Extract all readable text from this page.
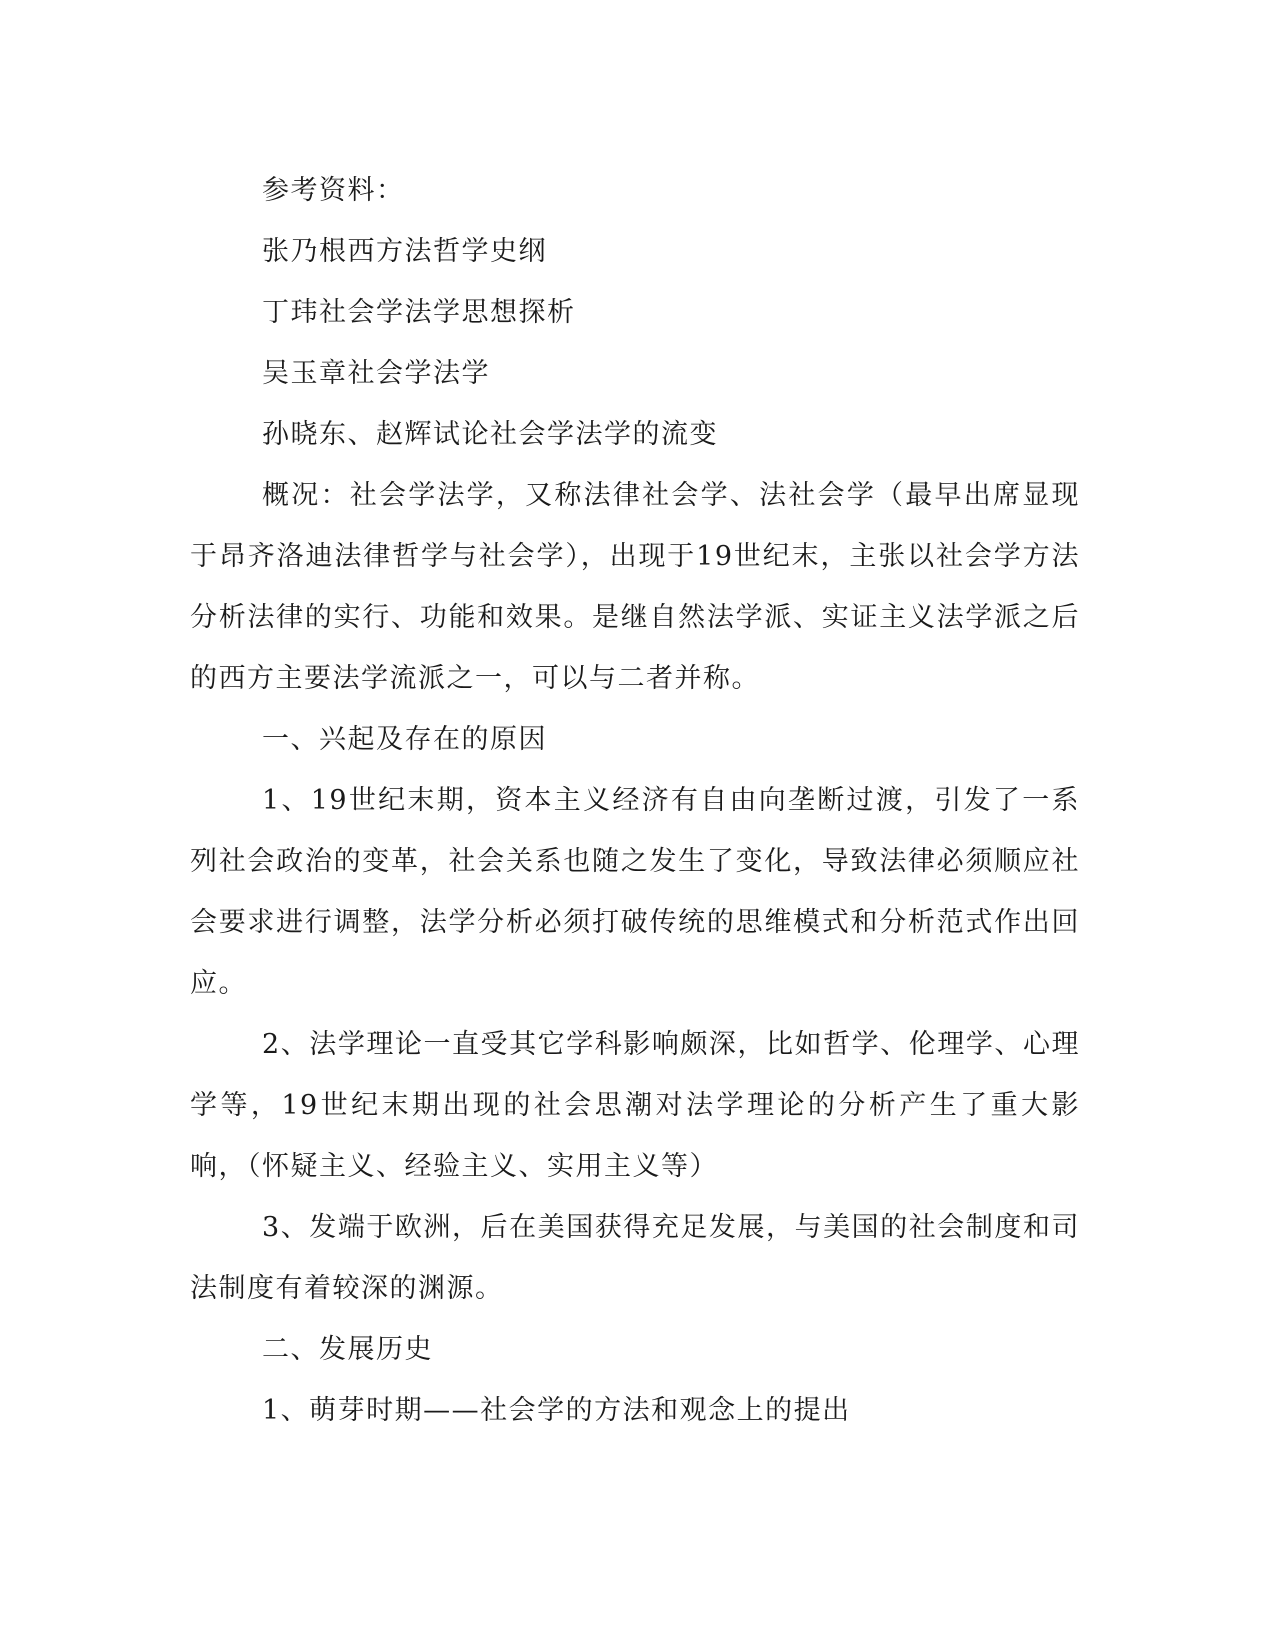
参考资料：

张乃根西方法哲学史纲

丁玮社会学法学思想探析

吴玉章社会学法学

孙晓东、赵辉试论社会学法学的流变

概况：社会学法学，又称法律社会学、法社会学（最早出席显现于昂齐洛迪法律哲学与社会学），出现于19世纪末，主张以社会学方法分析法律的实行、功能和效果。是继自然法学派、实证主义法学派之后的西方主要法学流派之一，可以与二者并称。

一、兴起及存在的原因

1、19世纪末期，资本主义经济有自由向垄断过渡，引发了一系列社会政治的变革，社会关系也随之发生了变化，导致法律必须顺应社会要求进行调整，法学分析必须打破传统的思维模式和分析范式作出回应。

2、法学理论一直受其它学科影响颇深，比如哲学、伦理学、心理学等，19世纪末期出现的社会思潮对法学理论的分析产生了重大影响，（怀疑主义、经验主义、实用主义等）

3、发端于欧洲，后在美国获得充足发展，与美国的社会制度和司法制度有着较深的渊源。

二、发展历史

1、萌芽时期——社会学的方法和观念上的提出
